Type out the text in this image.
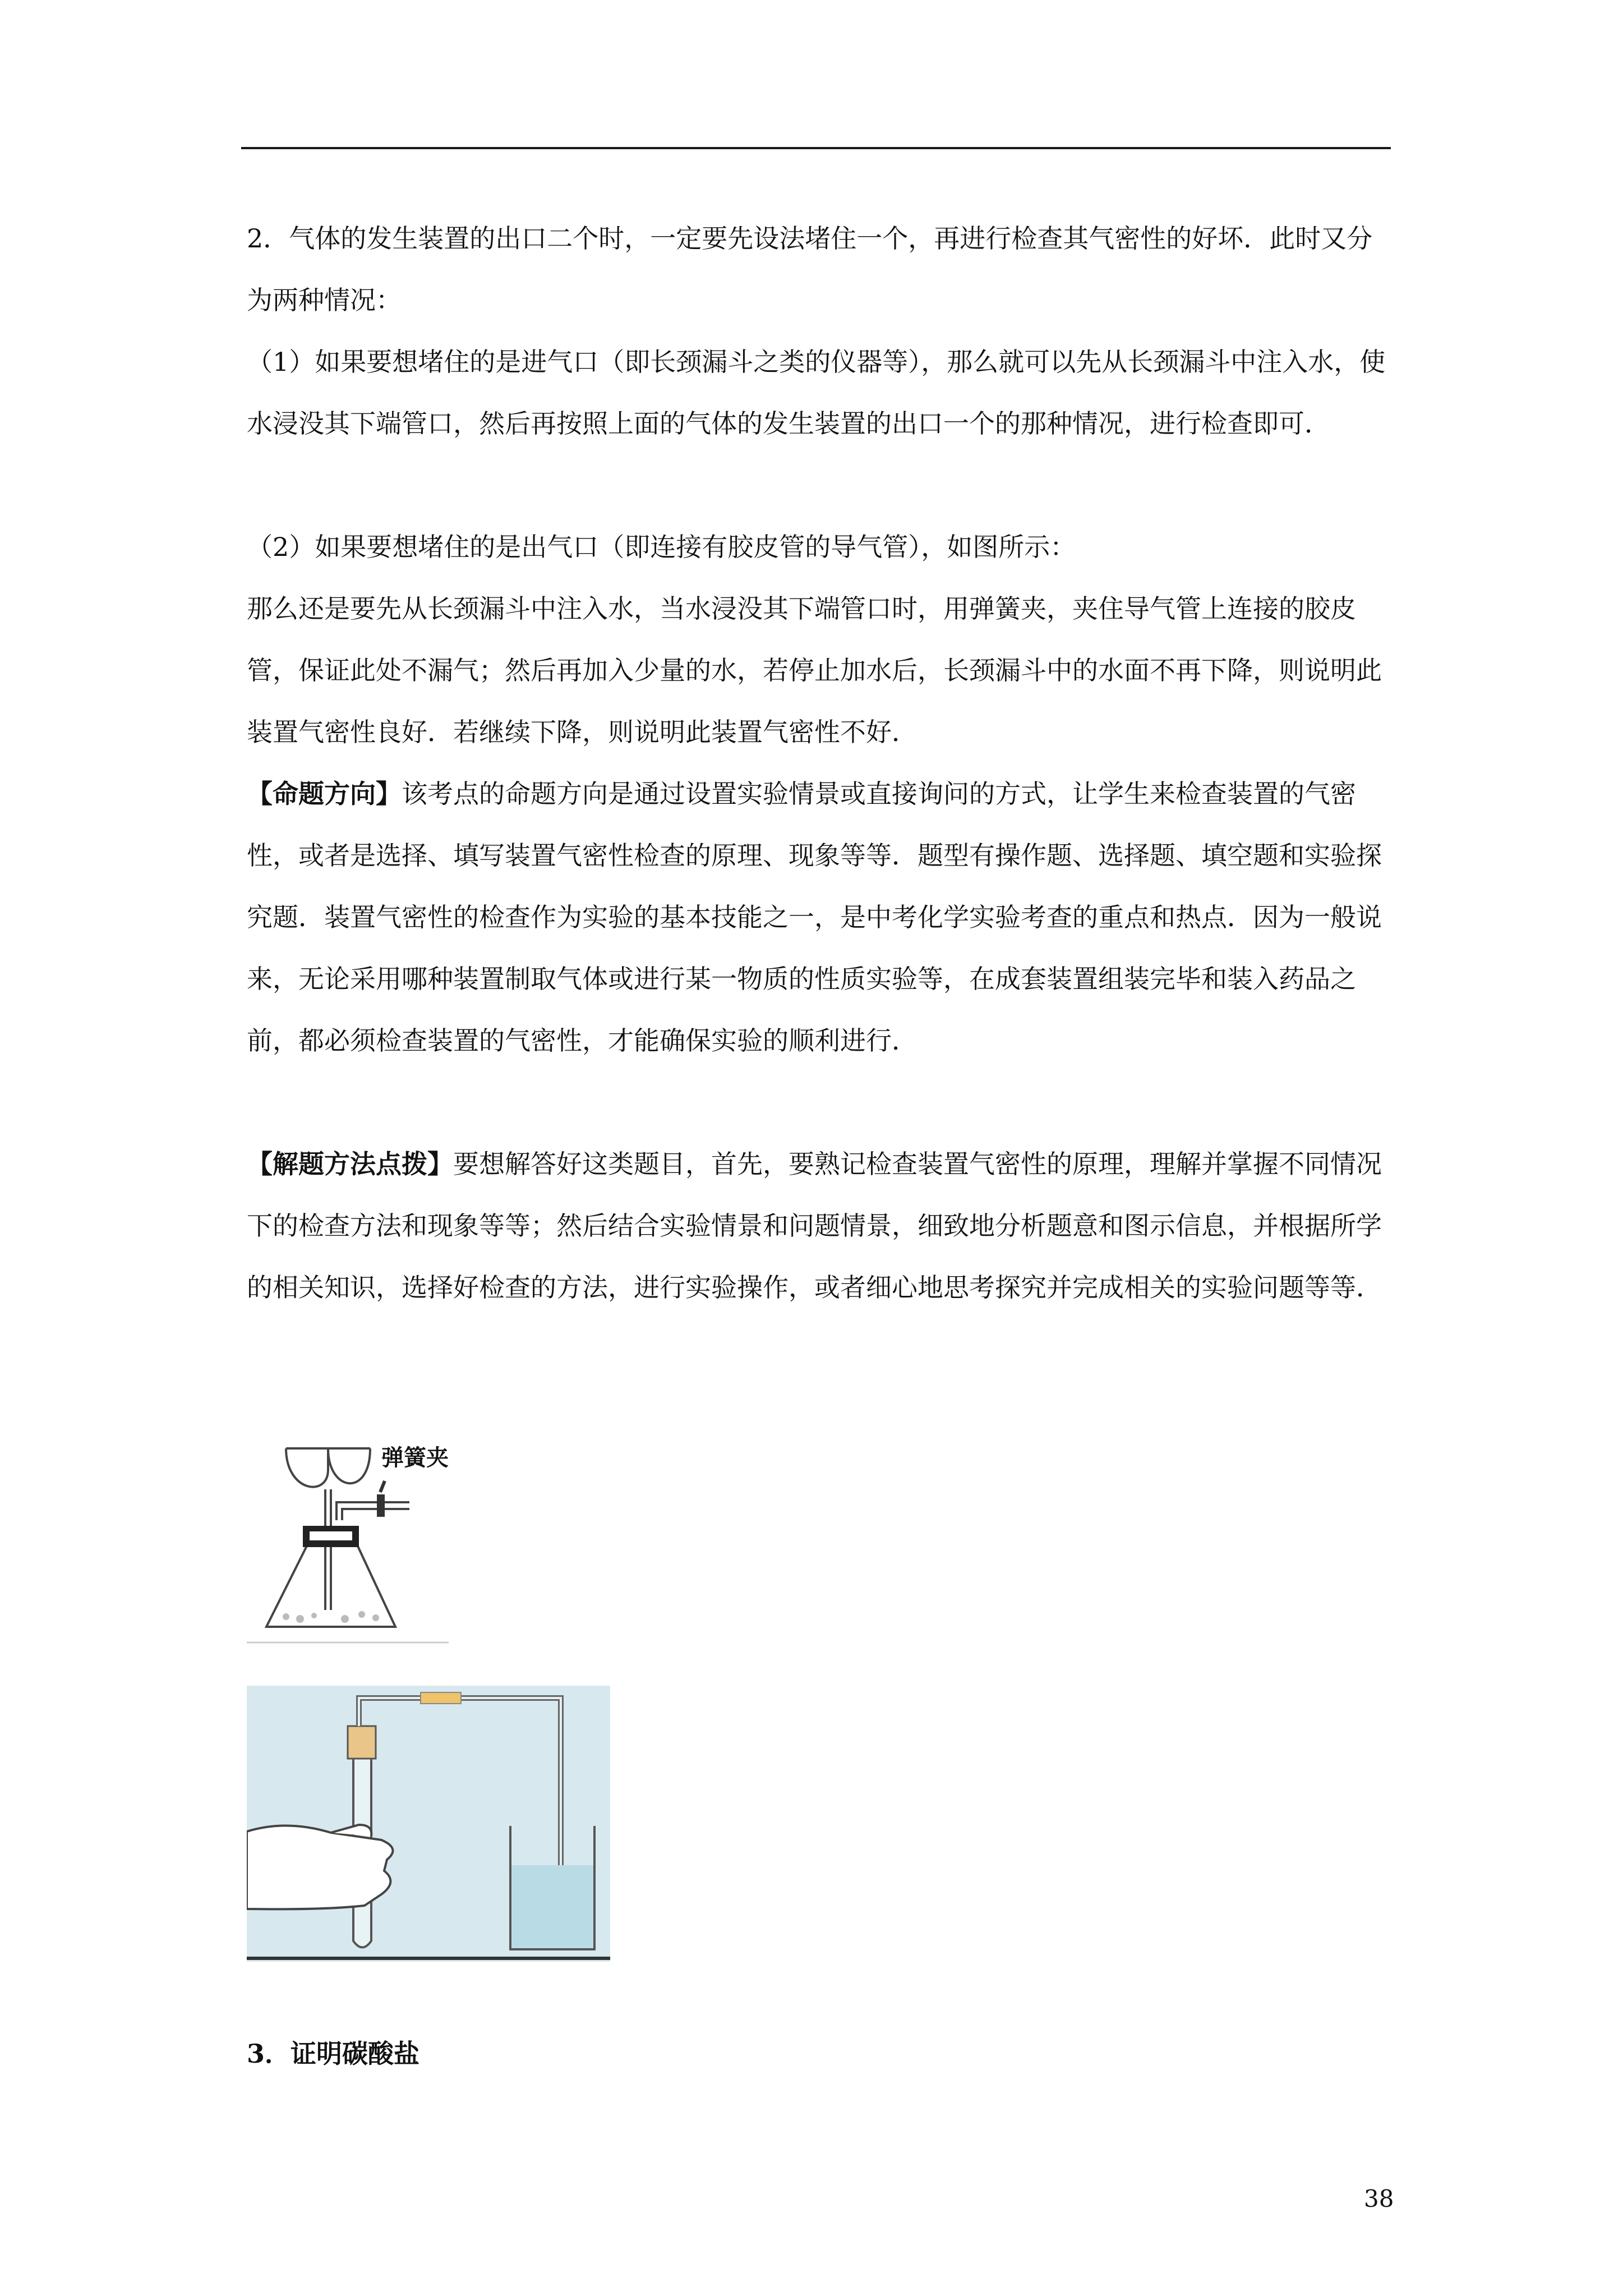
2．气体的发生装置的出口二个时，一定要先设法堵住一个，再进行检查其气密性的好坏．此时又分为两种情况：

（1）如果要想堵住的是进气口（即长颈漏斗之类的仪器等），那么就可以先从长颈漏斗中注入水，使水浸没其下端管口，然后再按照上面的气体的发生装置的出口一个的那种情况，进行检查即可．

（2）如果要想堵住的是出气口（即连接有胶皮管的导气管），如图所示：

那么还是要先从长颈漏斗中注入水，当水浸没其下端管口时，用弹簧夹，夹住导气管上连接的胶皮管，保证此处不漏气；然后再加入少量的水，若停止加水后，长颈漏斗中的水面不再下降，则说明此装置气密性良好．若继续下降，则说明此装置气密性不好．

【命题方向】该考点的命题方向是通过设置实验情景或直接询问的方式，让学生来检查装置的气密性，或者是选择、填写装置气密性检查的原理、现象等等．题型有操作题、选择题、填空题和实验探究题．装置气密性的检查作为实验的基本技能之一，是中考化学实验考查的重点和热点．因为一般说来，无论采用哪种装置制取气体或进行某一物质的性质实验等，在成套装置组装完毕和装入药品之前，都必须检查装置的气密性，才能确保实验的顺利进行．

【解题方法点拨】要想解答好这类题目，首先，要熟记检查装置气密性的原理，理解并掌握不同情况下的检查方法和现象等等；然后结合实验情景和问题情景，细致地分析题意和图示信息，并根据所学的相关知识，选择好检查的方法，进行实验操作，或者细心地思考探究并完成相关的实验问题等等．

弹簧夹

3．证明碳酸盐

38
